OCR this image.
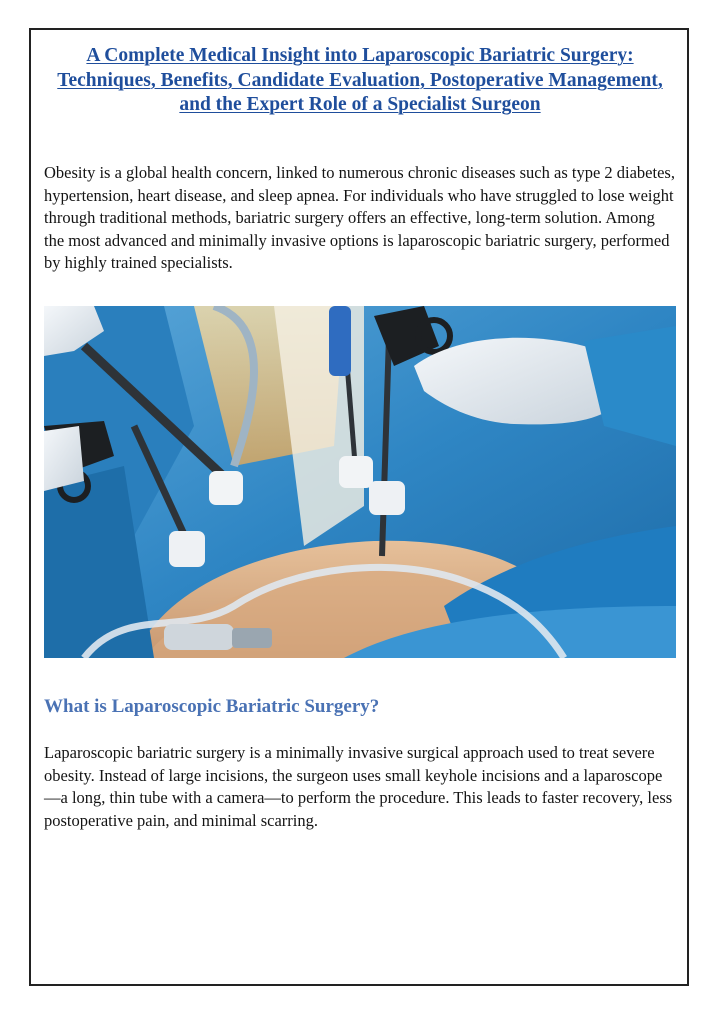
A Complete Medical Insight into Laparoscopic Bariatric Surgery: Techniques, Benefits, Candidate Evaluation, Postoperative Management, and the Expert Role of a Specialist Surgeon

Obesity is a global health concern, linked to numerous chronic diseases such as type 2 diabetes, hypertension, heart disease, and sleep apnea. For individuals who have struggled to lose weight through traditional methods, bariatric surgery offers an effective, long-term solution. Among the most advanced and minimally invasive options is laparoscopic bariatric surgery, performed by highly trained specialists.

What is Laparoscopic Bariatric Surgery?

Laparoscopic bariatric surgery is a minimally invasive surgical approach used to treat severe obesity. Instead of large incisions, the surgeon uses small keyhole incisions and a laparoscope—a long, thin tube with a camera—to perform the procedure. This leads to faster recovery, less postoperative pain, and minimal scarring.
